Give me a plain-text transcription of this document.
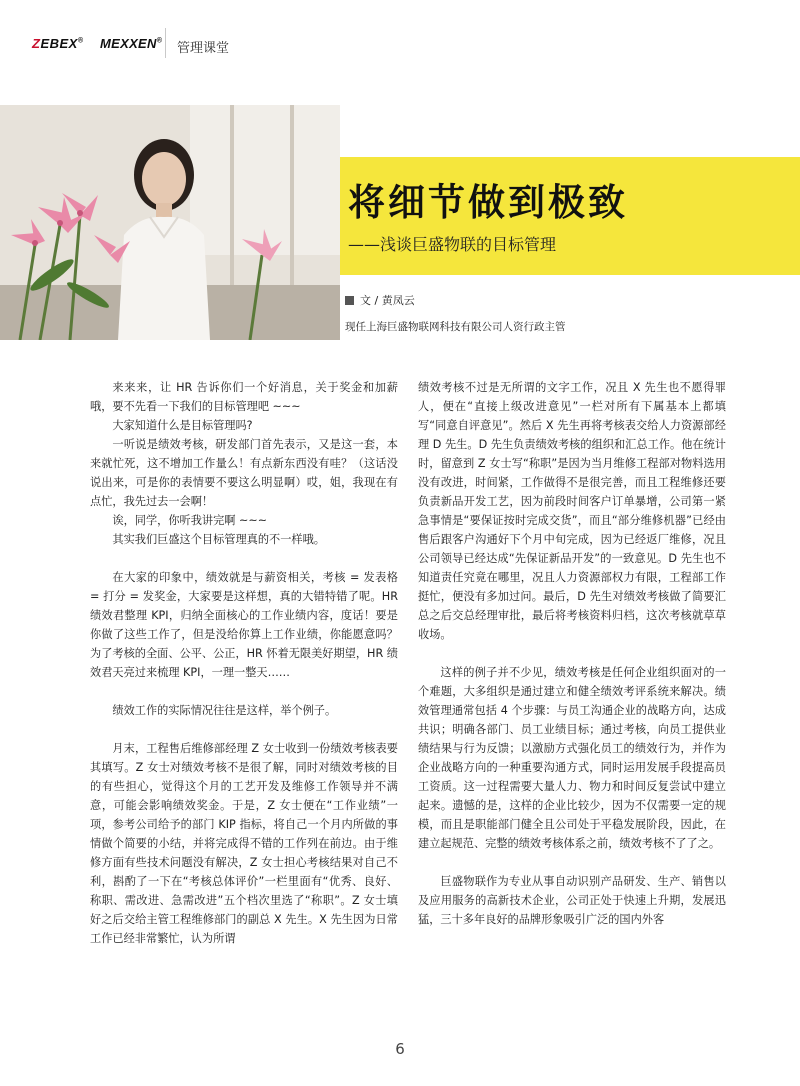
ZEBEX® MEXXEN® 管理课堂
将细节做到极致
——浅谈巨盛物联的目标管理
文 / 黄凤云
现任上海巨盛物联网科技有限公司人资行政主管

来来来，让 HR 告诉你们一个好消息，关于奖金和加薪哦，要不先看一下我们的目标管理吧 ~~~

大家知道什么是目标管理吗?

一听说是绩效考核，研发部门首先表示，又是这一套，本来就忙死，这不增加工作量么！有点新东西没有哇？（这话没说出来，可是你的表情要不要这么明显啊）哎，姐，我现在有点忙，我先过去一会啊！

诶，同学，你听我讲完啊 ~~~

其实我们巨盛这个目标管理真的不一样哦。

在大家的印象中，绩效就是与薪资相关，考核 = 发表格 = 打分 = 发奖金，大家要是这样想，真的大错特错了呢。HR 绩效君整理 KPI，归纳全面核心的工作业绩内容，度话！要是你做了这些工作了，但是没给你算上工作业绩，你能愿意吗？为了考核的全面、公平、公正，HR 怀着无限美好期望，HR 绩效君天亮过来梳理 KPI，一理一整天……

绩效工作的实际情况往往是这样，举个例子。

月末，工程售后维修部经理 Z 女士收到一份绩效考核表要其填写。Z 女士对绩效考核不是很了解，同时对绩效考核的目的有些担心，觉得这个月的工艺开发及维修工作领导并不满意，可能会影响绩效奖金。于是，Z 女士便在“工作业绩”一项，参考公司给予的部门 KIP 指标，将自己一个月内所做的事情做个简要的小结，并将完成得不错的工作列在前边。由于维修方面有些技术问题没有解决，Z 女士担心考核结果对自己不利，斟酌了一下在“考核总体评价”一栏里面有“优秀、良好、称职、需改进、急需改进”五个档次里选了“称职”。Z 女士填好之后交给主管工程维修部门的副总 X 先生。X 先生因为日常工作已经非常繁忙，认为所谓

绩效考核不过是无所谓的文字工作，况且 X 先生也不愿得罪人，便在“直接上级改进意见”一栏对所有下属基本上都填写“同意自评意见”。然后 X 先生再将考核表交给人力资源部经理 D 先生。D 先生负责绩效考核的组织和汇总工作。他在统计时，留意到 Z 女士写“称职”是因为当月维修工程部对物料选用没有改进，时间紧，工作做得不是很完善，而且工程维修还要负责新品开发工艺，因为前段时间客户订单暴增，公司第一紧急事情是“要保证按时完成交货”，而且“部分维修机器”已经由售后跟客户沟通好下个月中旬完成，因为已经返厂维修，况且公司领导已经达成“先保证新品开发”的一致意见。D 先生也不知道责任究竟在哪里，况且人力资源部权力有限，工程部工作挺忙，便没有多加过问。最后，D 先生对绩效考核做了简要汇总之后交总经理审批，最后将考核资料归档，这次考核就草草收场。

这样的例子并不少见，绩效考核是任何企业组织面对的一个难题，大多组织是通过建立和健全绩效考评系统来解决。绩效管理通常包括 4 个步骤：与员工沟通企业的战略方向，达成共识；明确各部门、员工业绩目标；通过考核，向员工提供业绩结果与行为反馈；以激励方式强化员工的绩效行为，并作为企业战略方向的一种重要沟通方式，同时运用发展手段提高员工资质。这一过程需要大量人力、物力和时间反复尝试中建立起来。遗憾的是，这样的企业比较少，因为不仅需要一定的规模，而且是职能部门健全且公司处于平稳发展阶段，因此，在建立起规范、完整的绩效考核体系之前，绩效考核不了了之。

巨盛物联作为专业从事自动识别产品研发、生产、销售以及应用服务的高新技术企业，公司正处于快速上升期，发展迅猛，三十多年良好的品牌形象吸引广泛的国内外客

6
